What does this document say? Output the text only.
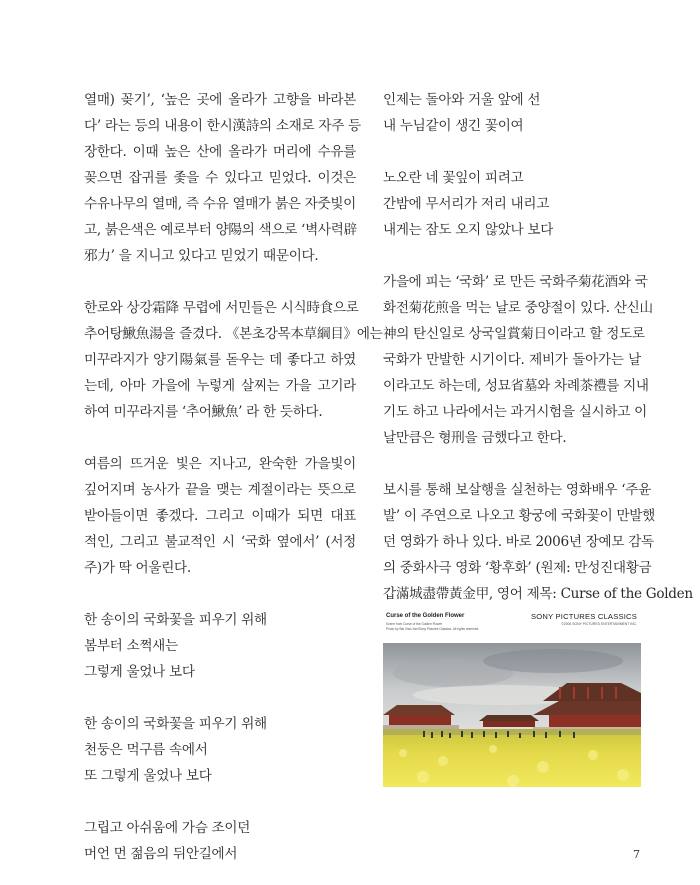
열매) 꽂기’, ‘높은 곳에 올라가 고향을 바라본
다’ 라는 등의 내용이 한시漢詩의 소재로 자주 등
장한다. 이때 높은 산에 올라가 머리에 수유를
꽂으면 잡귀를 좇을 수 있다고 믿었다. 이것은
수유나무의 열매, 즉 수유 열매가 붉은 자줏빛이
고, 붉은색은 예로부터 양陽의 색으로 ‘벽사력辟
邪力’ 을 지니고 있다고 믿었기 때문이다.
한로와 상강霜降 무렵에 서민들은 시식時食으로
추어탕鰍魚湯을 즐겼다. 《본초강목本草綱目》에는
미꾸라지가 양기陽氣를 돋우는 데 좋다고 하였
는데, 아마 가을에 누렇게 살찌는 가을 고기라
하여 미꾸라지를 ‘추어鰍魚’ 라 한 듯하다.
여름의 뜨거운 빛은 지나고, 완숙한 가을빛이
깊어지며 농사가 끝을 맺는 계절이라는 뜻으로
받아들이면 좋겠다. 그리고 이때가 되면 대표
적인, 그리고 불교적인 시 ‘국화 옆에서’ (서정
주)가 딱 어울린다.
한 송이의 국화꽃을 피우기 위해
봄부터 소쩍새는
그렇게 울었나 보다
한 송이의 국화꽃을 피우기 위해
천둥은 먹구름 속에서
또 그렇게 울었나 보다
그립고 아쉬움에 가슴 조이던
머언 먼 젊음의 뒤안길에서
인제는 돌아와 거울 앞에 선
내 누님같이 생긴 꽃이여
노오란 네 꽃잎이 피려고
간밤에 무서리가 저리 내리고
내게는 잠도 오지 않았나 보다
가을에 피는 ‘국화’ 로 만든 국화주菊花酒와 국
화전菊花煎을 먹는 날로 중양절이 있다. 산신山
神의 탄신일로 상국일賞菊日이라고 할 정도로
국화가 만발한 시기이다. 제비가 돌아가는 날
이라고도 하는데, 성묘省墓와 차례茶禮를 지내
기도 하고 나라에서는 과거시험을 실시하고 이
날만큼은 형刑을 금했다고 한다.
보시를 통해 보살행을 실천하는 영화배우 ‘주윤
발’ 이 주연으로 나오고 황궁에 국화꽃이 만발했
던 영화가 하나 있다. 바로 2006년 장예모 감독
의 중화사극 영화 ‘황후화’ (원제: 만성진대황금
갑滿城盡帶黃金甲, 영어 제목: Curse of the Golden
Curse of the Golden Flower
Scene from Curse of the Golden Flower
Photo by Bai Xiao-Yan/Sony Pictures Classics. All rights reserved.
SONY PICTURES CLASSICS
©2006 SONY PICTURES ENTERTAINMENT INC.
7
